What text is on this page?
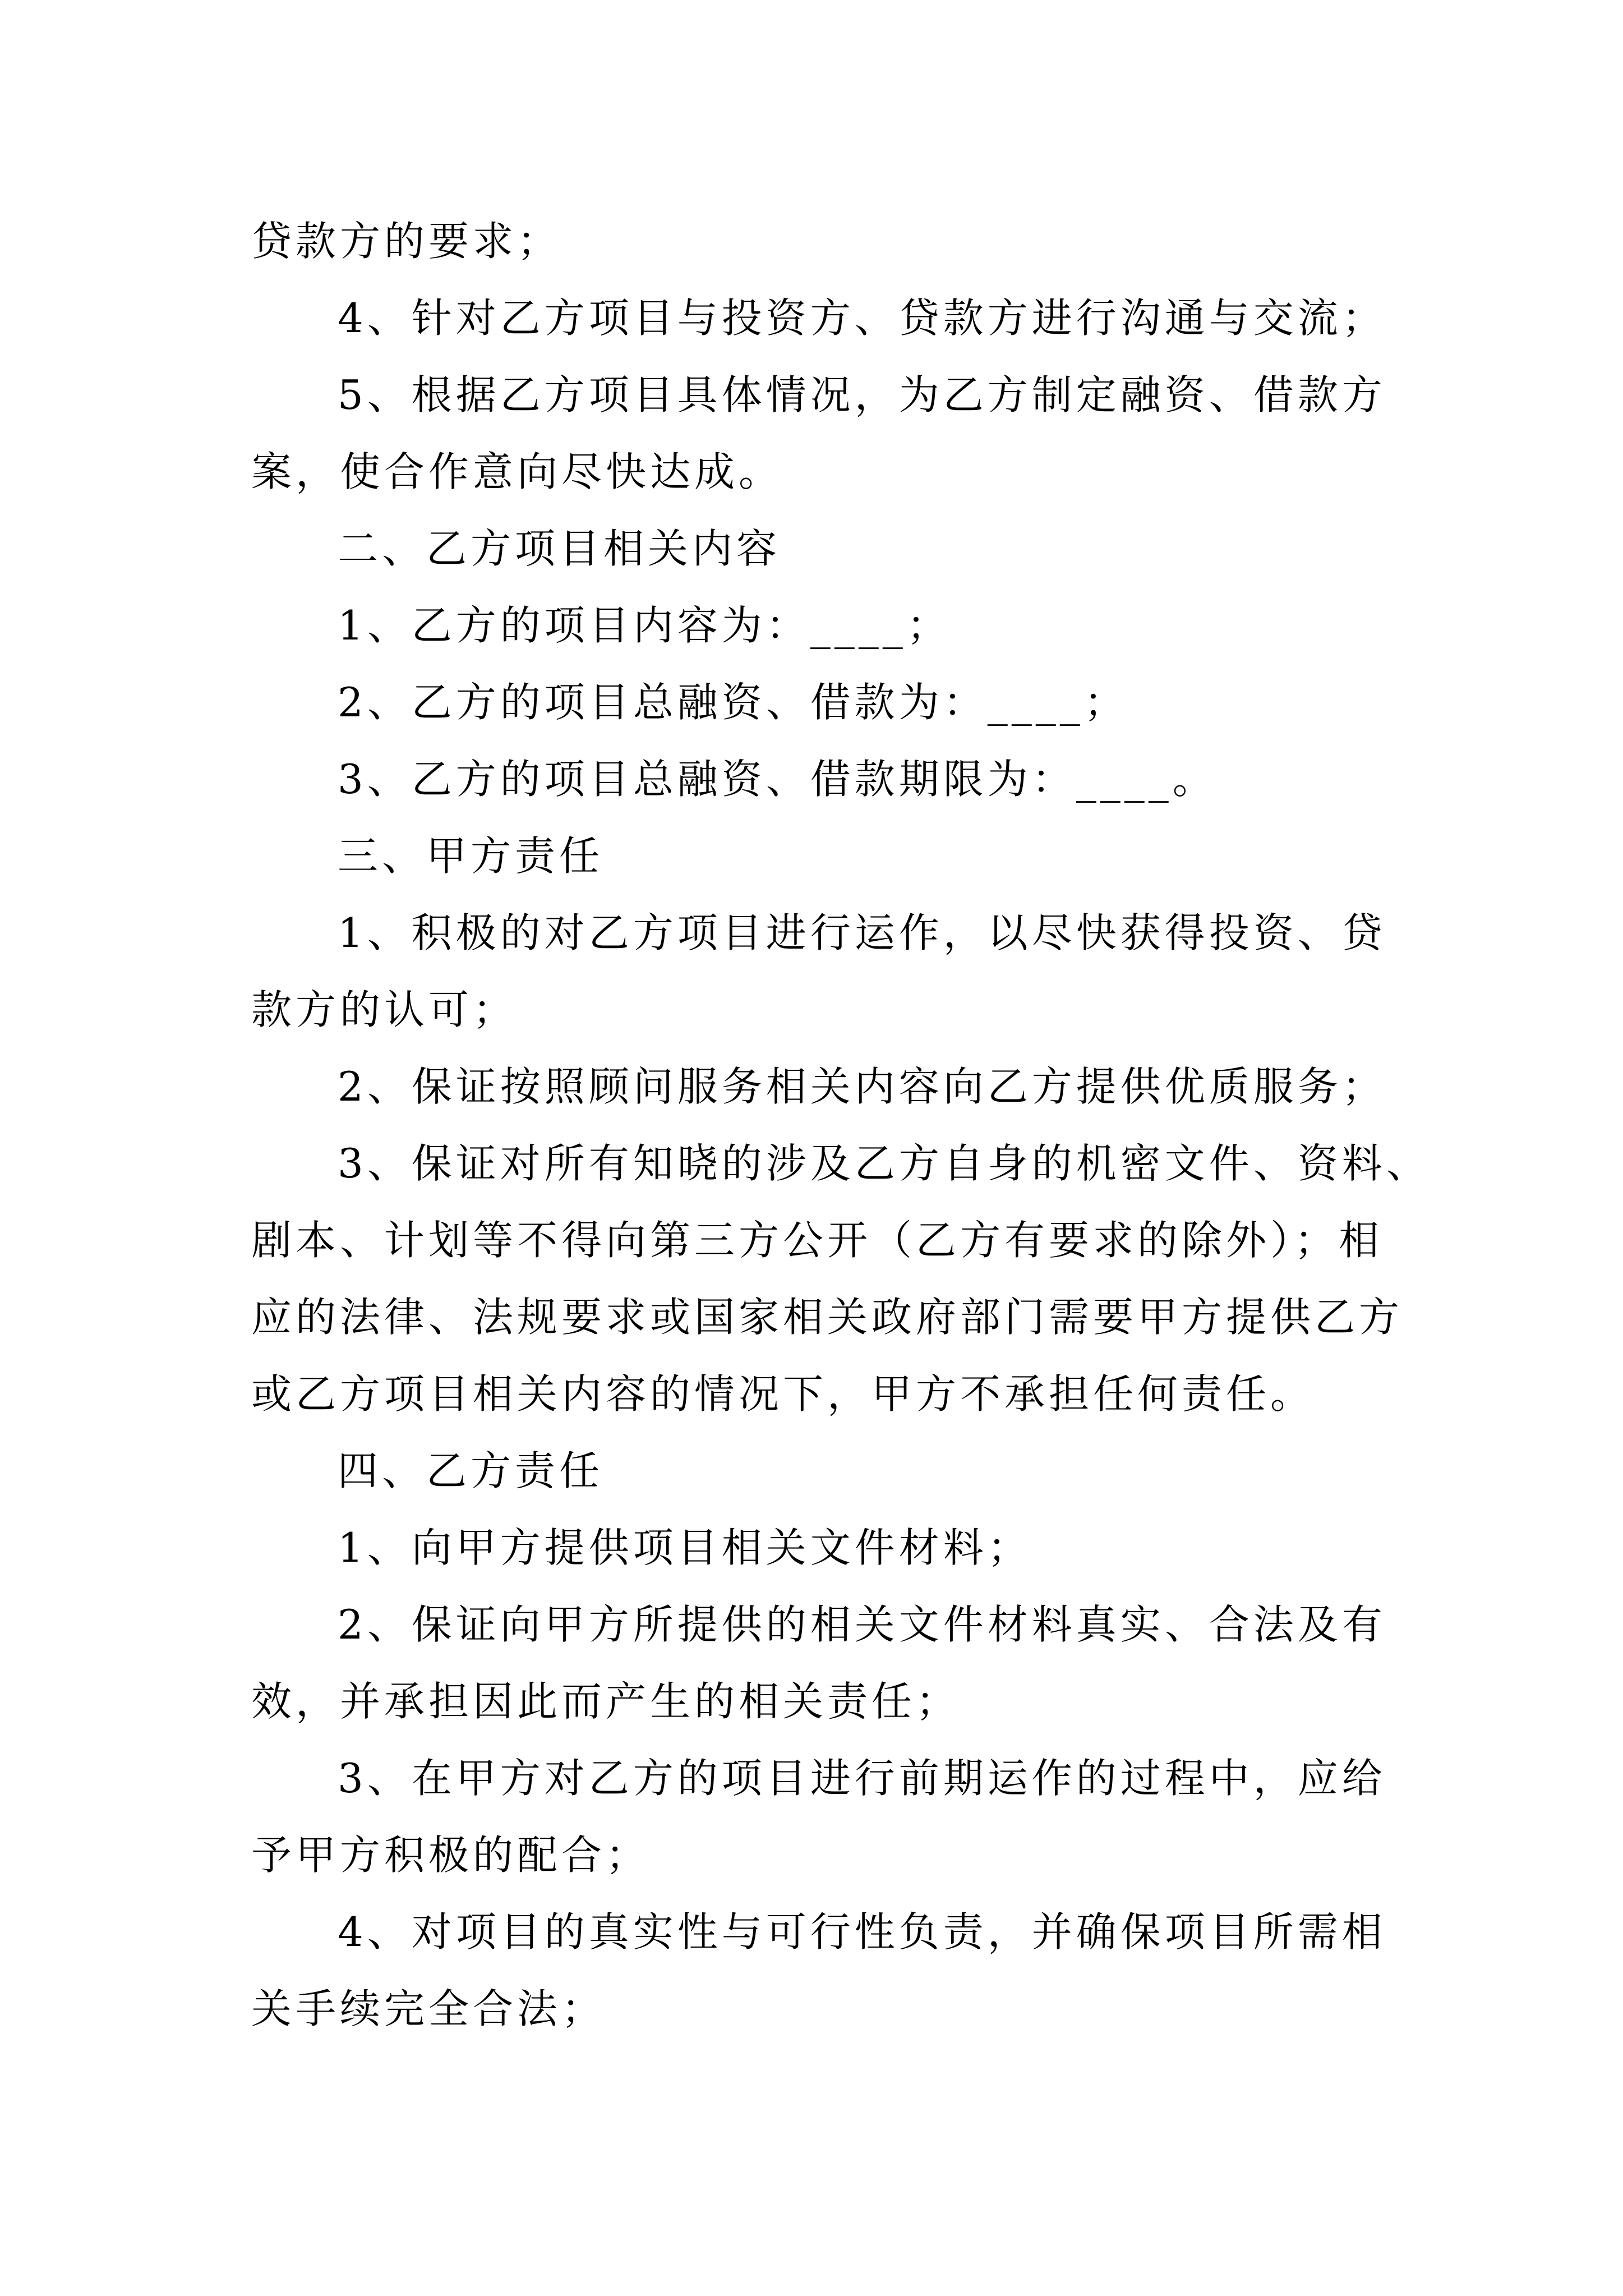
贷款方的要求；
4、针对乙方项目与投资方、贷款方进行沟通与交流；
5、根据乙方项目具体情况，为乙方制定融资、借款方
案，使合作意向尽快达成。
二、乙方项目相关内容
1、乙方的项目内容为：____；
2、乙方的项目总融资、借款为：____；
3、乙方的项目总融资、借款期限为：____。
三、甲方责任
1、积极的对乙方项目进行运作，以尽快获得投资、贷
款方的认可；
2、保证按照顾问服务相关内容向乙方提供优质服务；
3、保证对所有知晓的涉及乙方自身的机密文件、资料、
剧本、计划等不得向第三方公开（乙方有要求的除外）；相
应的法律、法规要求或国家相关政府部门需要甲方提供乙方
或乙方项目相关内容的情况下，甲方不承担任何责任。
四、乙方责任
1、向甲方提供项目相关文件材料；
2、保证向甲方所提供的相关文件材料真实、合法及有
效，并承担因此而产生的相关责任；
3、在甲方对乙方的项目进行前期运作的过程中，应给
予甲方积极的配合；
4、对项目的真实性与可行性负责，并确保项目所需相
关手续完全合法；
